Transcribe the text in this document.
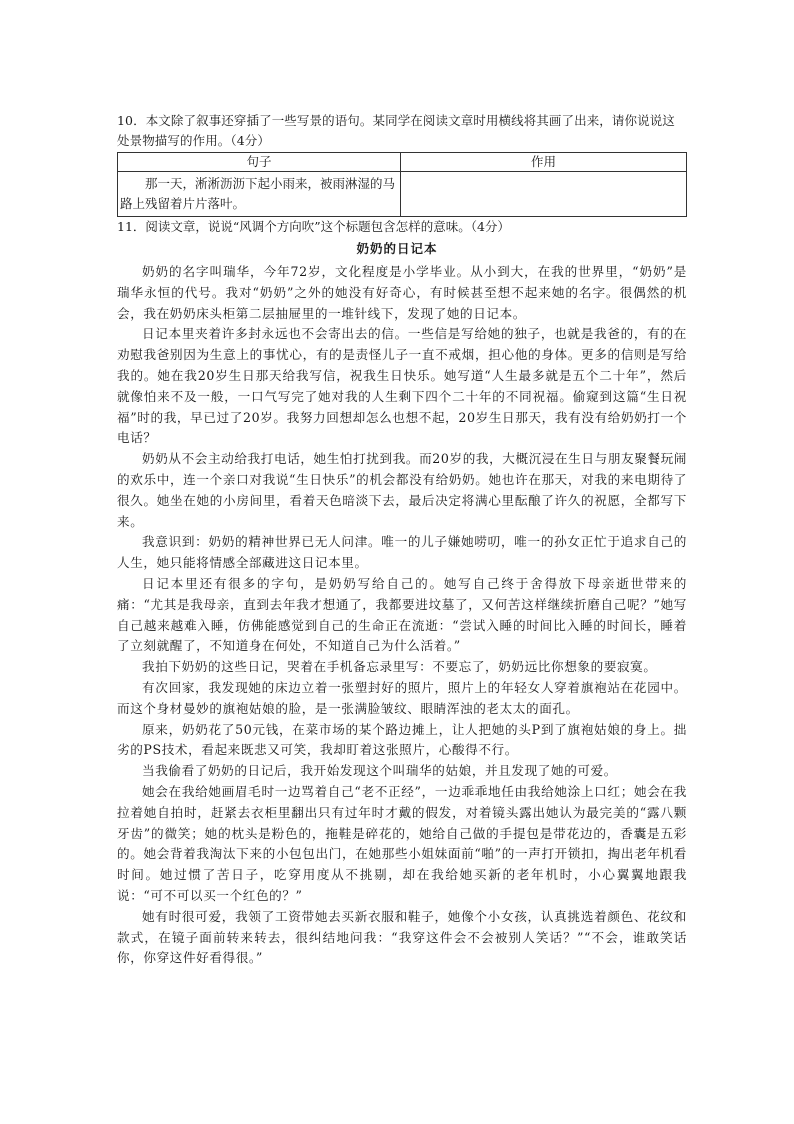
10．本文除了叙事还穿插了一些写景的语句。某同学在阅读文章时用横线将其画了出来，请你说说这处景物描写的作用。（4分）
句子	作用
那一天，淅淅沥沥下起小雨来，被雨淋湿的马路上残留着片片落叶。	
11．阅读文章，说说“风调个方向吹”这个标题包含怎样的意味。（4分）
奶奶的日记本

奶奶的名字叫瑞华，今年72岁，文化程度是小学毕业。从小到大，在我的世界里，“奶奶”是瑞华永恒的代号。我对“奶奶”之外的她没有好奇心，有时候甚至想不起来她的名字。很偶然的机会，我在奶奶床头柜第二层抽屉里的一堆针线下，发现了她的日记本。

日记本里夹着许多封永远也不会寄出去的信。一些信是写给她的独子，也就是我爸的，有的在劝慰我爸别因为生意上的事忧心，有的是责怪儿子一直不戒烟，担心他的身体。更多的信则是写给我的。她在我20岁生日那天给我写信，祝我生日快乐。她写道“人生最多就是五个二十年”，然后就像怕来不及一般，一口气写完了她对我的人生剩下四个二十年的不同祝福。偷窥到这篇“生日祝福”时的我，早已过了20岁。我努力回想却怎么也想不起，20岁生日那天，我有没有给奶奶打一个电话？

奶奶从不会主动给我打电话，她生怕打扰到我。而20岁的我，大概沉浸在生日与朋友聚餐玩闹的欢乐中，连一个亲口对我说“生日快乐”的机会都没有给奶奶。她也许在那天，对我的来电期待了很久。她坐在她的小房间里，看着天色暗淡下去，最后决定将满心里酝酿了许久的祝愿，全都写下来。

我意识到：奶奶的精神世界已无人问津。唯一的儿子嫌她唠叨，唯一的孙女正忙于追求自己的人生，她只能将情感全部藏进这日记本里。

日记本里还有很多的字句，是奶奶写给自己的。她写自己终于舍得放下母亲逝世带来的痛：“尤其是我母亲，直到去年我才想通了，我都要进坟墓了，又何苦这样继续折磨自己呢？”她写自己越来越难入睡，仿佛能感觉到自己的生命正在流逝：“尝试入睡的时间比入睡的时间长，睡着了立刻就醒了，不知道身在何处，不知道自己为什么活着。”

我拍下奶奶的这些日记，哭着在手机备忘录里写：不要忘了，奶奶远比你想象的要寂寞。

有次回家，我发现她的床边立着一张塑封好的照片，照片上的年轻女人穿着旗袍站在花园中。而这个身材曼妙的旗袍姑娘的脸，是一张满脸皱纹、眼睛浑浊的老太太的面孔。

原来，奶奶花了50元钱，在菜市场的某个路边摊上，让人把她的头P到了旗袍姑娘的身上。拙劣的PS技术，看起来既悲又可笑，我却盯着这张照片，心酸得不行。

当我偷看了奶奶的日记后，我开始发现这个叫瑞华的姑娘，并且发现了她的可爱。

她会在我给她画眉毛时一边骂着自己“老不正经”，一边乖乖地任由我给她涂上口红；她会在我拉着她自拍时，赶紧去衣柜里翻出只有过年时才戴的假发，对着镜头露出她认为最完美的“露八颗牙齿”的微笑；她的枕头是粉色的，拖鞋是碎花的，她给自己做的手提包是带花边的，香囊是五彩的。她会背着我淘汰下来的小包包出门，在她那些小姐妹面前“啪”的一声打开锁扣，掏出老年机看时间。她过惯了苦日子，吃穿用度从不挑剔，却在我给她买新的老年机时，小心翼翼地跟我说：“可不可以买一个红色的？”

她有时很可爱，我领了工资带她去买新衣服和鞋子，她像个小女孩，认真挑选着颜色、花纹和款式，在镜子面前转来转去，很纠结地问我：“我穿这件会不会被别人笑话？”“不会，谁敢笑话你，你穿这件好看得很。”
